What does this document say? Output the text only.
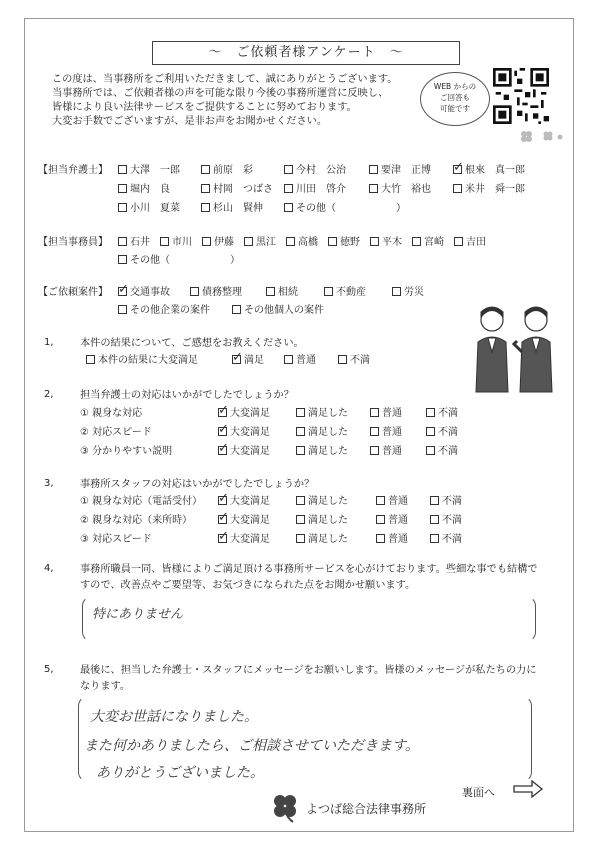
～　ご依頼者様アンケート　～
この度は、当事務所をご利用いただきまして、誠にありがとうございます。
当事務所では、ご依頼者様の声を可能な限り今後の事務所運営に反映し、
皆様により良い法律サービスをご提供することに努めております。
大変お手数でございますが、是非お声をお聞かせください。
WEB からの
ご回答も
可能です
【担当弁護士】
【担当事務員】
【ご依頼案件】
1,	本件の結果について、ご感想をお教えください。
2,	担当弁護士の対応はいかがでしたでしょうか？
3,	事務所スタッフの対応はいかがでしたでしょうか？
4,	事務所職員一同、皆様によりご満足頂ける事務所サービスを心がけております。些細な事でも結構で
すので、改善点やご要望等、お気づきになられた点をお聞かせ願います。
特にありません
5,	最後に、担当した弁護士・スタッフにメッセージをお願いします。皆様のメッセージが私たちの力に
なります。
大変お世話になりました。
また何かありましたら、ご相談させていただきます。
ありがとうございました。
裏面へ
よつば総合法律事務所
大澤　一郎	前原　彩	今村　公治	要津　正博 ✓ 根來　真一郎
堀内　良	村岡　つばさ	川田　啓介	大竹　裕也	米井　舜一郎
小川　夏菜	杉山　賢伸	その他（　　　　　　）
石井	市川	伊藤	黒江	高橋	徳野	平木	宮崎	吉田
その他（　　　　　　）
✓ 交通事故	債務整理	相続	不動産	労災
その他企業の案件	その他個人の案件
本件の結果に大変満足	✓ 満足	普通	不満
① 親身な対応	✓ 大変満足	満足した	普通	不満
② 対応スピード	✓ 大変満足	満足した	普通	不満
③ 分かりやすい説明	✓ 大変満足	満足した	普通	不満
① 親身な対応（電話受付） ✓ 大変満足	満足した	普通	不満
② 親身な対応（来所時） ✓ 大変満足	満足した	普通	不満
③ 対応スピード	✓ 大変満足	満足した	普通	不満
